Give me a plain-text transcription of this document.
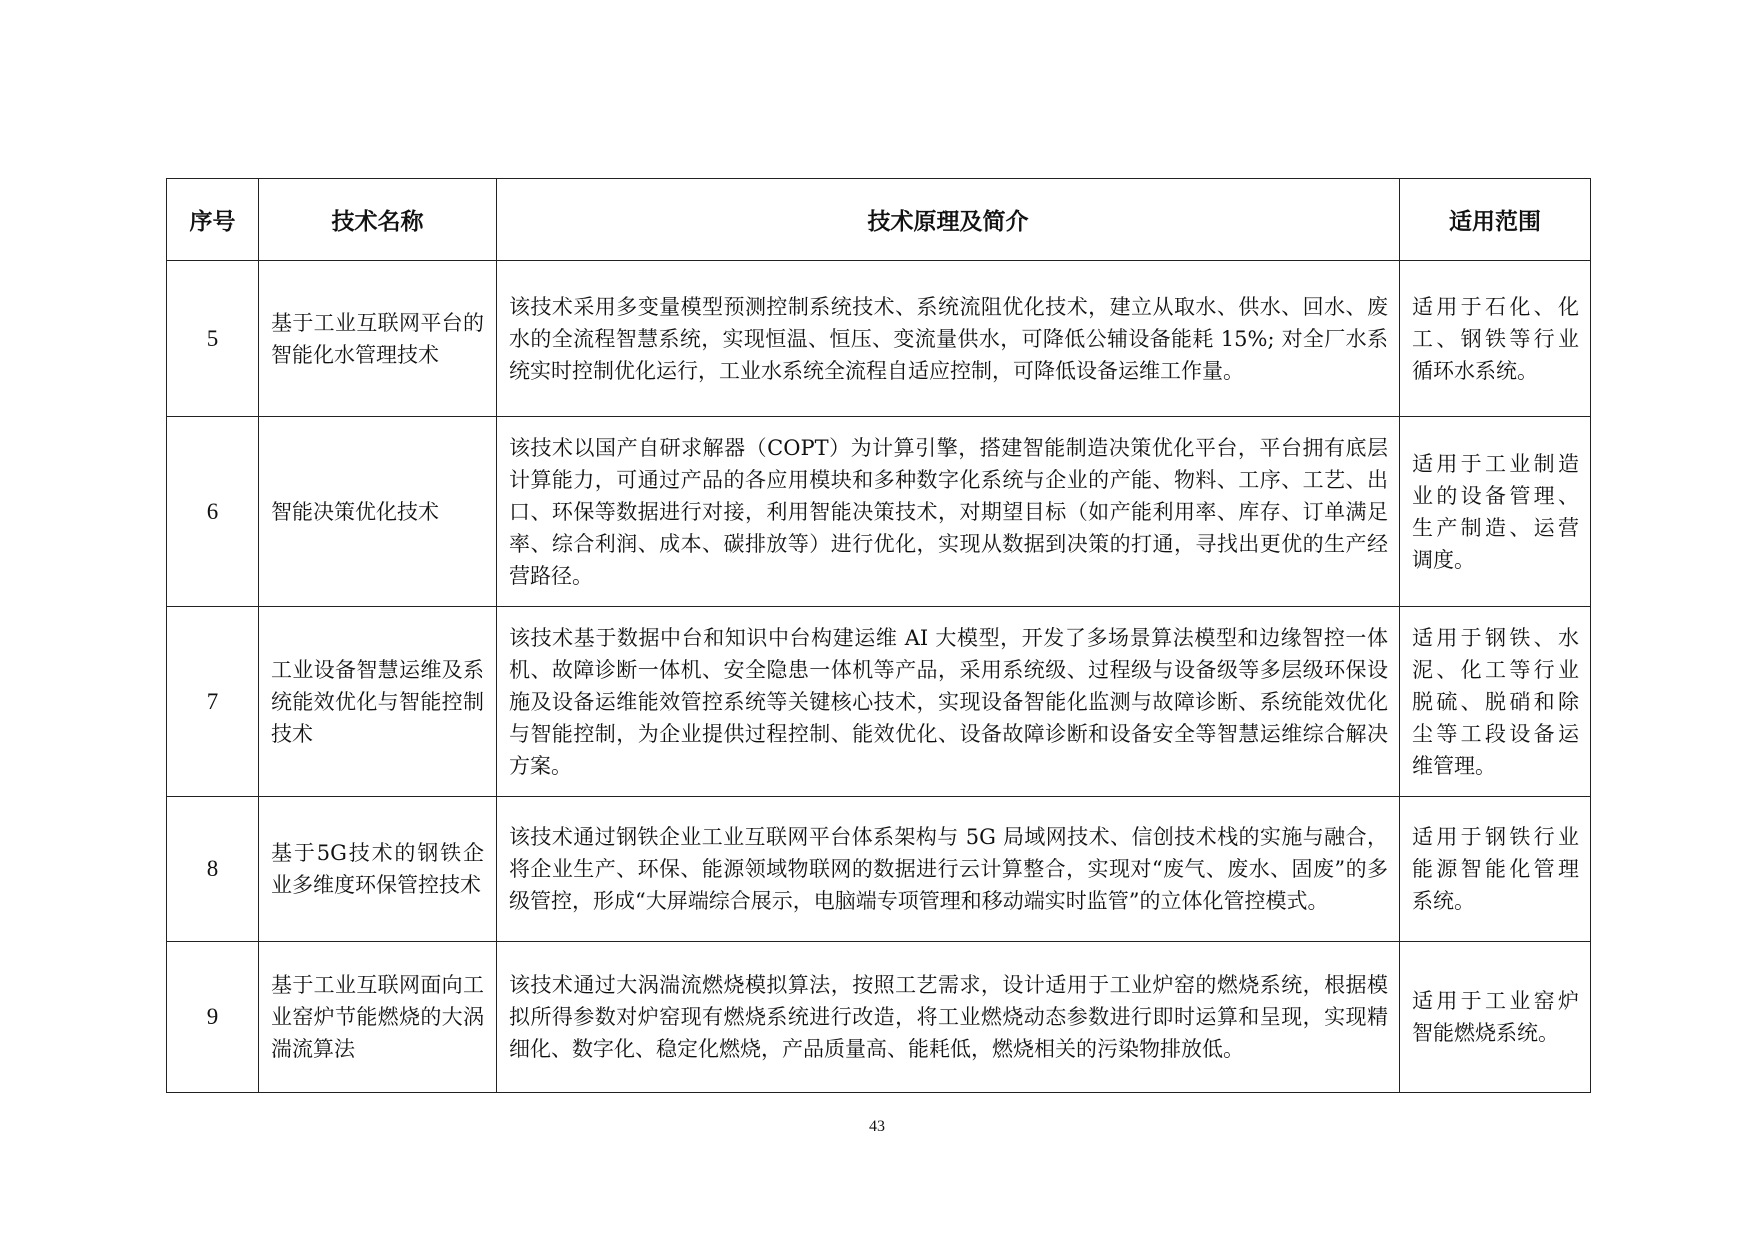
序号	技术名称	技术原理及简介	适用范围
5	基于工业互联网平台的智能化水管理技术	该技术采用多变量模型预测控制系统技术、系统流阻优化技术，建立从取水、供水、回水、废水的全流程智慧系统，实现恒温、恒压、变流量供水，可降低公辅设备能耗 15%; 对全厂水系统实时控制优化运行，工业水系统全流程自适应控制，可降低设备运维工作量。	适用于石化、化工、钢铁等行业循环水系统。
6	智能决策优化技术	该技术以国产自研求解器（COPT）为计算引擎，搭建智能制造决策优化平台，平台拥有底层计算能力，可通过产品的各应用模块和多种数字化系统与企业的产能、物料、工序、工艺、出口、环保等数据进行对接，利用智能决策技术，对期望目标（如产能利用率、库存、订单满足率、综合利润、成本、碳排放等）进行优化，实现从数据到决策的打通，寻找出更优的生产经营路径。	适用于工业制造业的设备管理、生产制造、运营调度。
7	工业设备智慧运维及系统能效优化与智能控制技术	该技术基于数据中台和知识中台构建运维 AI 大模型，开发了多场景算法模型和边缘智控一体机、故障诊断一体机、安全隐患一体机等产品，采用系统级、过程级与设备级等多层级环保设施及设备运维能效管控系统等关键核心技术，实现设备智能化监测与故障诊断、系统能效优化与智能控制，为企业提供过程控制、能效优化、设备故障诊断和设备安全等智慧运维综合解决方案。	适用于钢铁、水泥、化工等行业脱硫、脱硝和除尘等工段设备运维管理。
8	基于5G技术的钢铁企业多维度环保管控技术	该技术通过钢铁企业工业互联网平台体系架构与 5G 局域网技术、信创技术栈的实施与融合，将企业生产、环保、能源领域物联网的数据进行云计算整合，实现对“废气、废水、固废”的多级管控，形成“大屏端综合展示，电脑端专项管理和移动端实时监管”的立体化管控模式。	适用于钢铁行业能源智能化管理系统。
9	基于工业互联网面向工业窑炉节能燃烧的大涡湍流算法	该技术通过大涡湍流燃烧模拟算法，按照工艺需求，设计适用于工业炉窑的燃烧系统，根据模拟所得参数对炉窑现有燃烧系统进行改造，将工业燃烧动态参数进行即时运算和呈现，实现精细化、数字化、稳定化燃烧，产品质量高、能耗低，燃烧相关的污染物排放低。	适用于工业窑炉智能燃烧系统。
43
